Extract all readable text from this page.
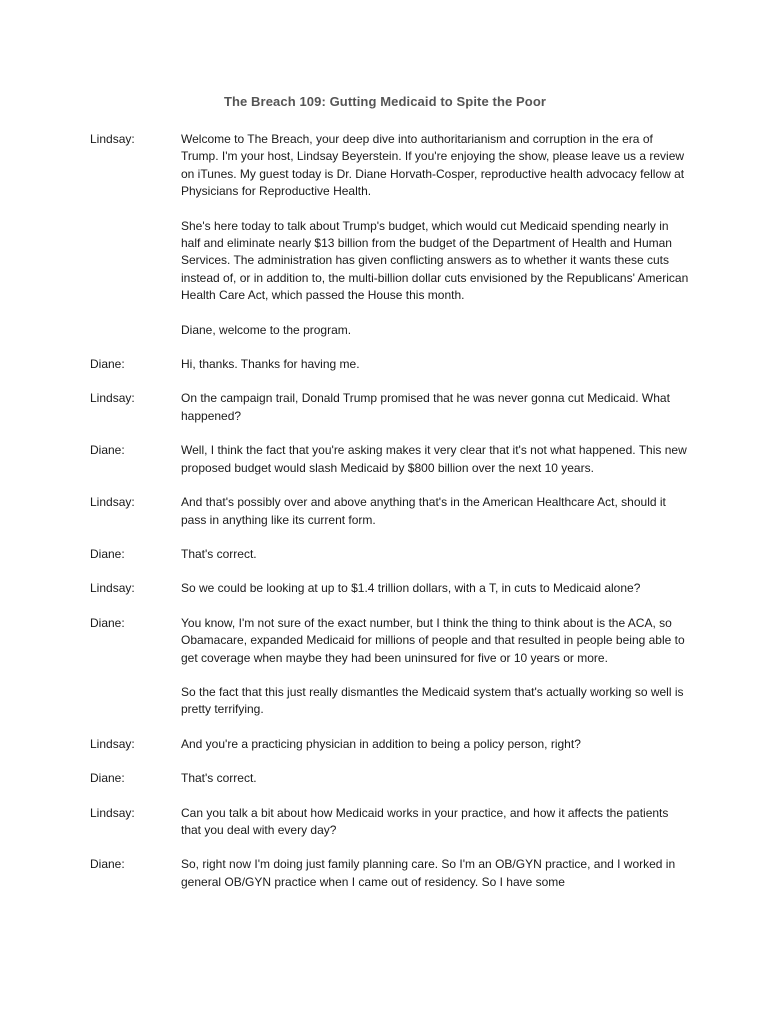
The Breach 109: Gutting Medicaid to Spite the Poor
Lindsay:	Welcome to The Breach, your deep dive into authoritarianism and corruption in the era of Trump. I'm your host, Lindsay Beyerstein. If you're enjoying the show, please leave us a review on iTunes. My guest today is Dr. Diane Horvath-Cosper, reproductive health advocacy fellow at Physicians for Reproductive Health.

She's here today to talk about Trump's budget, which would cut Medicaid spending nearly in half and eliminate nearly $13 billion from the budget of the Department of Health and Human Services. The administration has given conflicting answers as to whether it wants these cuts instead of, or in addition to, the multi-billion dollar cuts envisioned by the Republicans' American Health Care Act, which passed the House this month.

Diane, welcome to the program.

Diane:	Hi, thanks. Thanks for having me.

Lindsay:	On the campaign trail, Donald Trump promised that he was never gonna cut Medicaid. What happened?

Diane:	Well, I think the fact that you're asking makes it very clear that it's not what happened. This new proposed budget would slash Medicaid by $800 billion over the next 10 years.

Lindsay:	And that's possibly over and above anything that's in the American Healthcare Act, should it pass in anything like its current form.

Diane:	That's correct.

Lindsay:	So we could be looking at up to $1.4 trillion dollars, with a T, in cuts to Medicaid alone?

Diane:	You know, I'm not sure of the exact number, but I think the thing to think about is the ACA, so Obamacare, expanded Medicaid for millions of people and that resulted in people being able to get coverage when maybe they had been uninsured for five or 10 years or more.

So the fact that this just really dismantles the Medicaid system that's actually working so well is pretty terrifying.

Lindsay:	And you're a practicing physician in addition to being a policy person, right?

Diane:	That's correct.

Lindsay:	Can you talk a bit about how Medicaid works in your practice, and how it affects the patients that you deal with every day?

Diane:	So, right now I'm doing just family planning care. So I'm an OB/GYN practice, and I worked in general OB/GYN practice when I came out of residency. So I have some
